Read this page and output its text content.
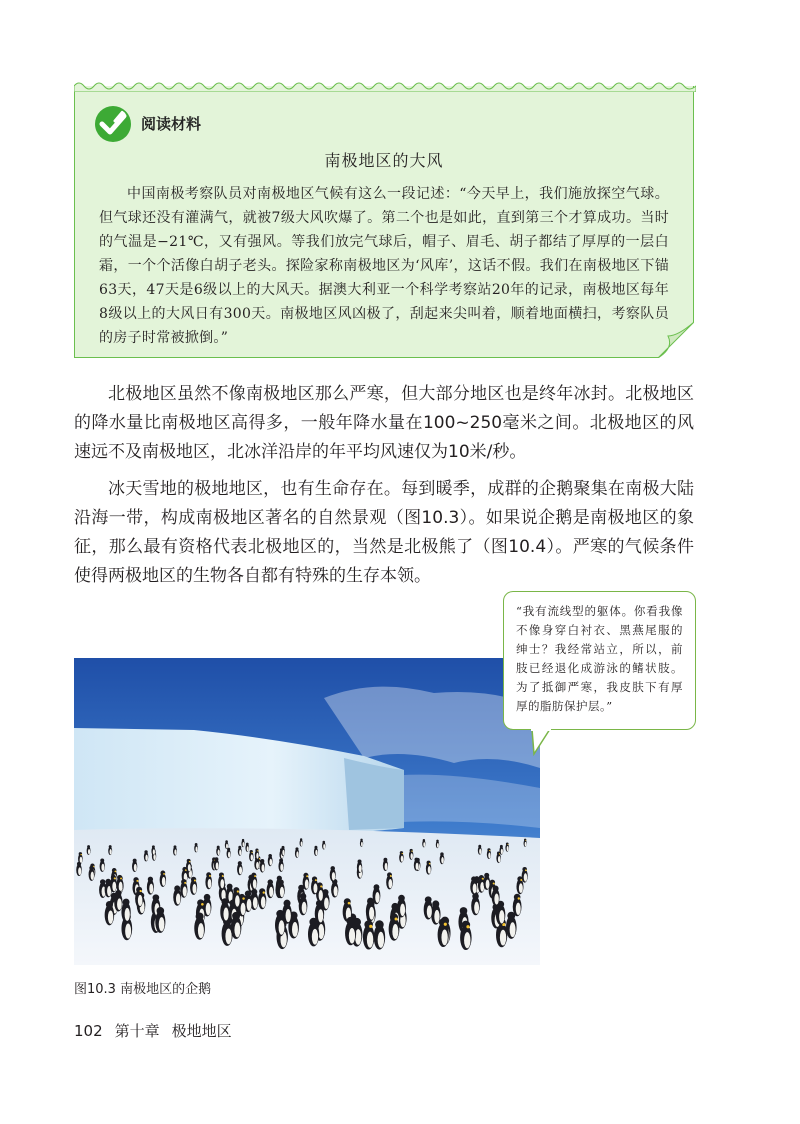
阅读材料
南极地区的大风

中国南极考察队员对南极地区气候有这么一段记述：“今天早上，我们施放探空气球。但气球还没有灌满气，就被7级大风吹爆了。第二个也是如此，直到第三个才算成功。当时的气温是−21℃，又有强风。等我们放完气球后，帽子、眉毛、胡子都结了厚厚的一层白霜，一个个活像白胡子老头。探险家称南极地区为‘风库’，这话不假。我们在南极地区下锚63天，47天是6级以上的大风天。据澳大利亚一个科学考察站20年的记录，南极地区每年8级以上的大风日有300天。南极地区风凶极了，刮起来尖叫着，顺着地面横扫，考察队员的房子时常被掀倒。”

北极地区虽然不像南极地区那么严寒，但大部分地区也是终年冰封。北极地区的降水量比南极地区高得多，一般年降水量在100~250毫米之间。北极地区的风速远不及南极地区，北冰洋沿岸的年平均风速仅为10米/秒。

冰天雪地的极地地区，也有生命存在。每到暖季，成群的企鹅聚集在南极大陆沿海一带，构成南极地区著名的自然景观（图10.3）。如果说企鹅是南极地区的象征，那么最有资格代表北极地区的，当然是北极熊了（图10.4）。严寒的气候条件使得两极地区的生物各自都有特殊的生存本领。

“我有流线型的躯体。你看我像不像身穿白衬衣、黑燕尾服的绅士？我经常站立，所以，前肢已经退化成游泳的鳍状肢。为了抵御严寒，我皮肤下有厚厚的脂肪保护层。”

图10.3 南极地区的企鹅
102 第十章 极地地区
